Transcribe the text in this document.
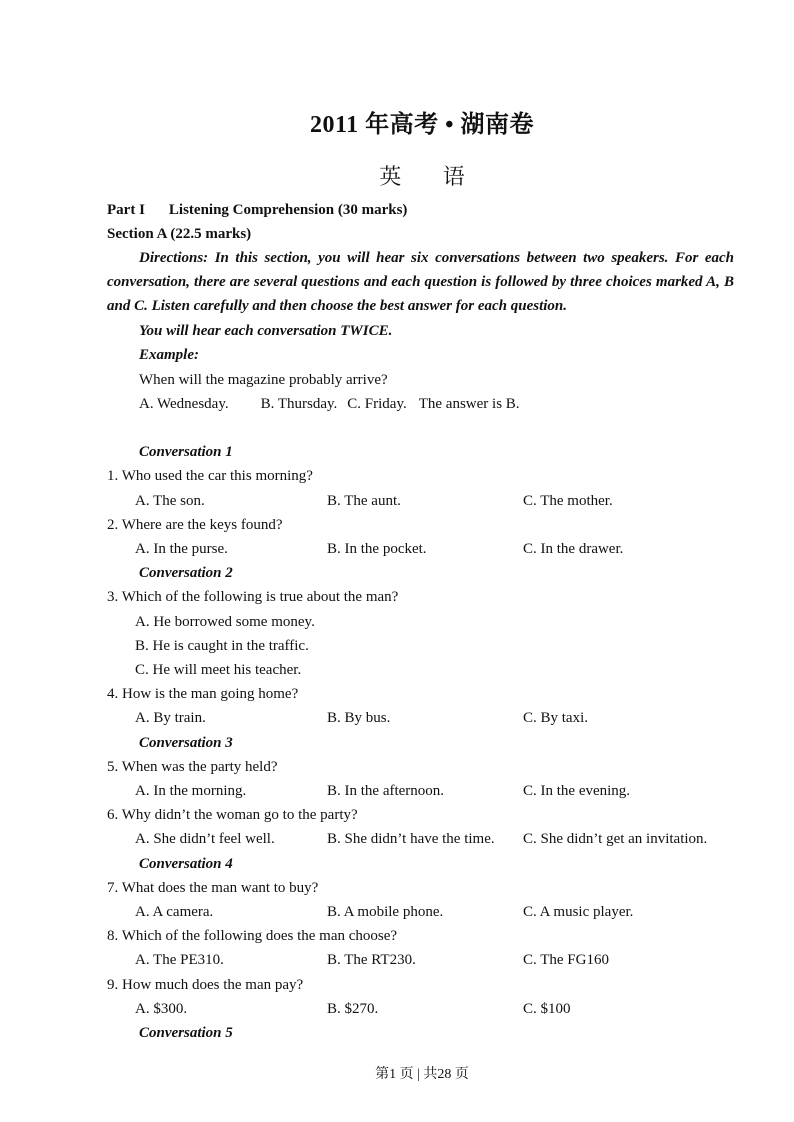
2011 年高考 • 湖南卷
英 语
Part I Listening Comprehension (30 marks)
Section A (22.5 marks)
Directions: In this section, you will hear six conversations between two speakers. For each conversation, there are several questions and each question is followed by three choices marked A, B and C. Listen carefully and then choose the best answer for each question.
You will hear each conversation TWICE.
Example:
When will the magazine probably arrive?
A. Wednesday. B. Thursday. C. Friday. The answer is B.
Conversation 1
1. Who used the car this morning?
A. The son.	B. The aunt.	C. The mother.
2. Where are the keys found?
A. In the purse.	B. In the pocket.	C. In the drawer.
Conversation 2
3. Which of the following is true about the man?
A. He borrowed some money.
B. He is caught in the traffic.
C. He will meet his teacher.
4. How is the man going home?
A. By train.	B. By bus.	C. By taxi.
Conversation 3
5. When was the party held?
A. In the morning.	B. In the afternoon.	C. In the evening.
6. Why didn’t the woman go to the party?
A. She didn’t feel well.	B. She didn’t have the time. C. She didn’t get an invitation.
Conversation 4
7. What does the man want to buy?
A. A camera.	B. A mobile phone.	C. A music player.
8. Which of the following does the man choose?
A. The PE310.	B. The RT230.	C. The FG160
9. How much does the man pay?
A. $300.	B. $270.	C. $100
Conversation 5
第1 页 | 共28 页
